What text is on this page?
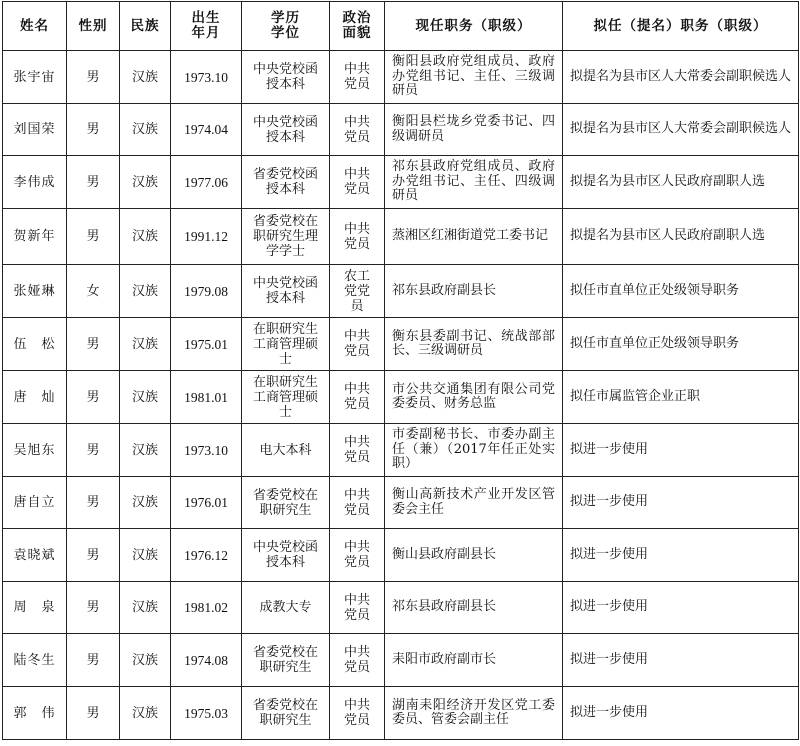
姓名	性别	民族	出生年月	学历学位	政治面貌	现任职务（职级）	拟任（提名）职务（职级）
张宇宙	男	汉族	1973.10	中央党校函授本科	中共党员	衡阳县政府党组成员、政府办党组书记、主任、三级调研员	拟提名为县市区人大常委会副职候选人
刘国荣	男	汉族	1974.04	中央党校函授本科	中共党员	衡阳县栏垅乡党委书记、四级调研员	拟提名为县市区人大常委会副职候选人
李伟成	男	汉族	1977.06	省委党校函授本科	中共党员	祁东县政府党组成员、政府办党组书记、主任、四级调研员	拟提名为县市区人民政府副职人选
贺新年	男	汉族	1991.12	省委党校在职研究生理学学士	中共党员	蒸湘区红湘街道党工委书记	拟提名为县市区人民政府副职人选
张娅琳	女	汉族	1979.08	中央党校函授本科	农工党党员	祁东县政府副县长	拟任市直单位正处级领导职务
伍　松	男	汉族	1975.01	在职研究生工商管理硕士	中共党员	衡东县委副书记、统战部部长、三级调研员	拟任市直单位正处级领导职务
唐　灿	男	汉族	1981.01	在职研究生工商管理硕士	中共党员	市公共交通集团有限公司党委委员、财务总监	拟任市属监管企业正职
吴旭东	男	汉族	1973.10	电大本科	中共党员	市委副秘书长、市委办副主任（兼）（2017年任正处实职）	拟进一步使用
唐自立	男	汉族	1976.01	省委党校在职研究生	中共党员	衡山高新技术产业开发区管委会主任	拟进一步使用
袁晓斌	男	汉族	1976.12	中央党校函授本科	中共党员	衡山县政府副县长	拟进一步使用
周　泉	男	汉族	1981.02	成教大专	中共党员	祁东县政府副县长	拟进一步使用
陆冬生	男	汉族	1974.08	省委党校在职研究生	中共党员	耒阳市政府副市长	拟进一步使用
郭　伟	男	汉族	1975.03	省委党校在职研究生	中共党员	湖南耒阳经济开发区党工委委员、管委会副主任	拟进一步使用
